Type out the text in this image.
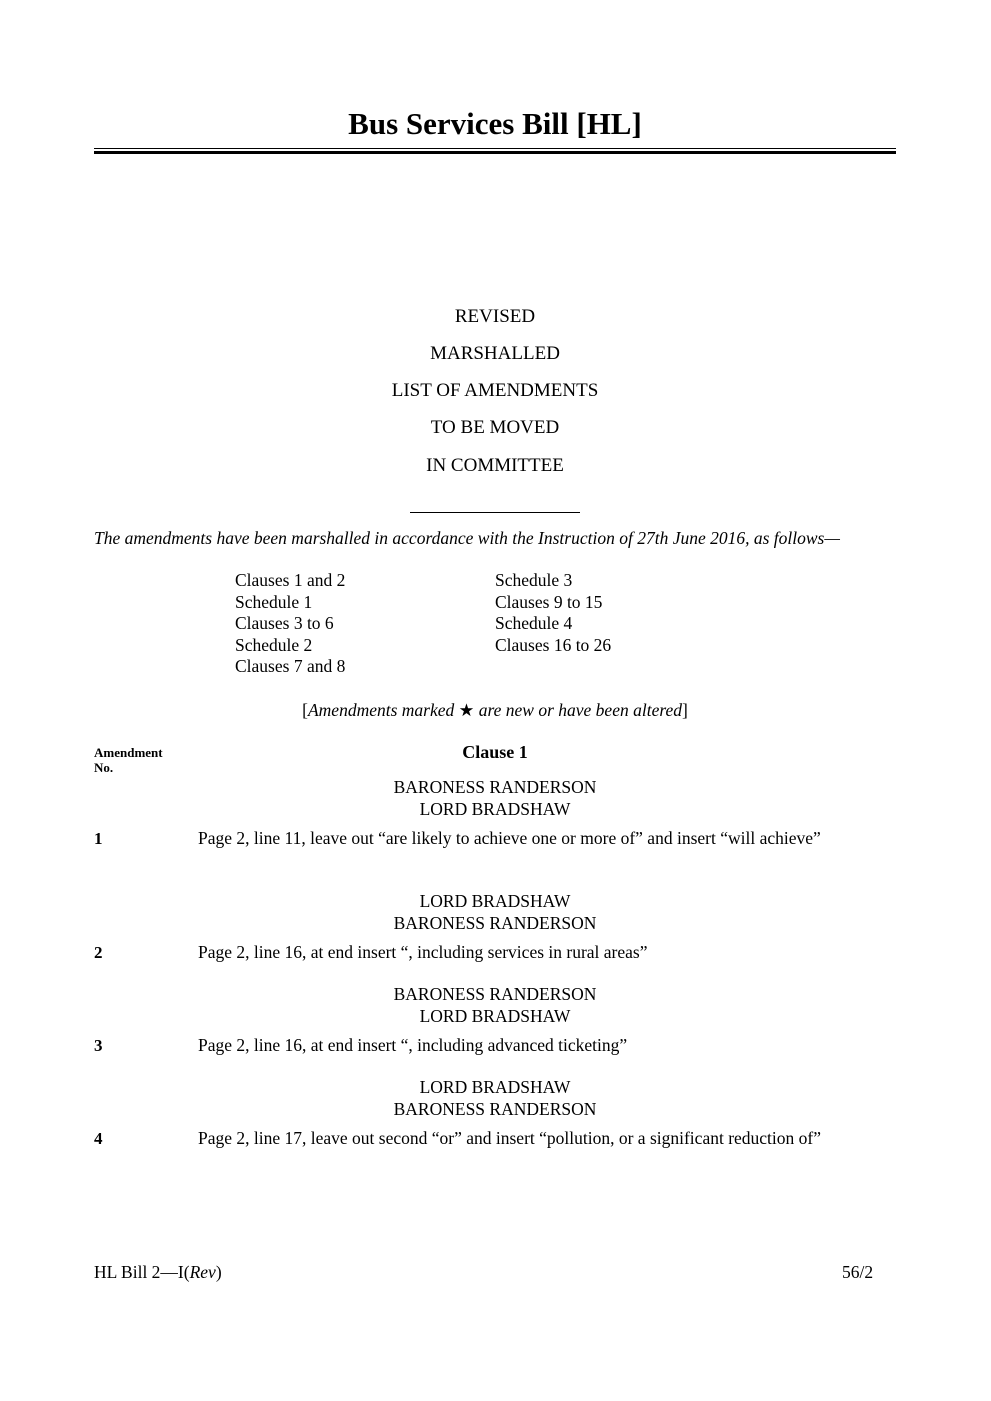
Bus Services Bill [HL]
REVISED
MARSHALLED
LIST OF AMENDMENTS
TO BE MOVED
IN COMMITTEE
The amendments have been marshalled in accordance with the Instruction of 27th June 2016, as follows—
Clauses 1 and 2
Schedule 1
Clauses 3 to 6
Schedule 2
Clauses 7 and 8
Schedule 3
Clauses 9 to 15
Schedule 4
Clauses 16 to 26
[Amendments marked ★ are new or have been altered]
Amendment
No.
Clause 1
BARONESS RANDERSON
LORD BRADSHAW
1	Page 2, line 11, leave out “are likely to achieve one or more of” and insert “will achieve”
LORD BRADSHAW
BARONESS RANDERSON
2	Page 2, line 16, at end insert “, including services in rural areas”
BARONESS RANDERSON
LORD BRADSHAW
3	Page 2, line 16, at end insert “, including advanced ticketing”
LORD BRADSHAW
BARONESS RANDERSON
4	Page 2, line 17, leave out second “or” and insert “pollution, or a significant reduction of”
HL Bill 2—I(Rev)	56/2
